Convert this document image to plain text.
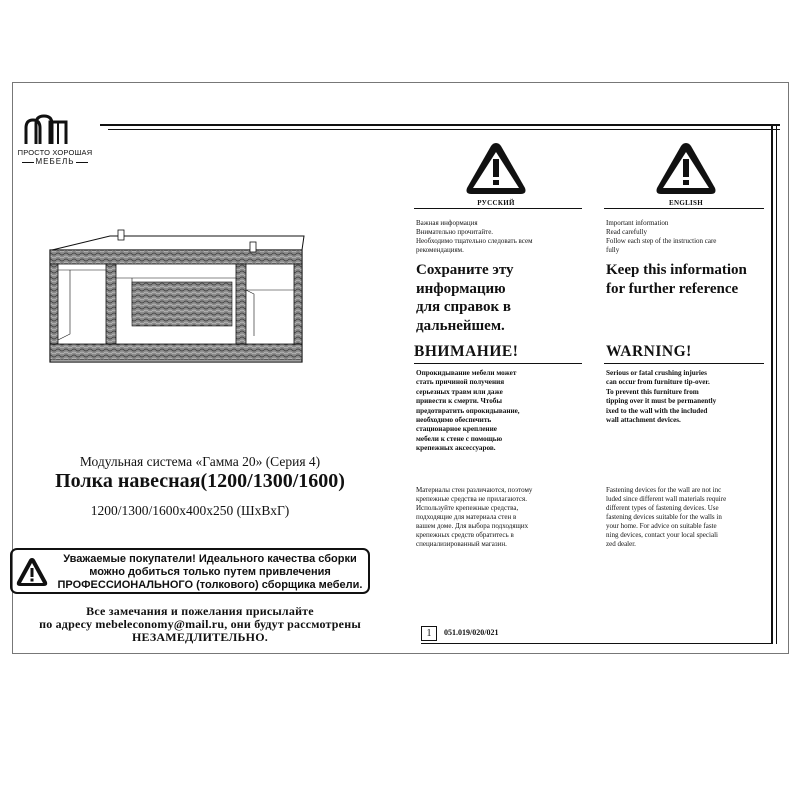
ПРОСТО ХОРОШАЯ
МЕБЕЛЬ
Модульная система «Гамма 20» (Серия 4)
Полка навесная(1200/1300/1600)
1200/1300/1600х400х250 (ШхВхГ)
Уважаемые покупатели! Идеального качества сборки
можно добиться только путем привлечения
ПРОФЕССИОНАЛЬНОГО (толкового) сборщика мебели.
Все замечания и пожелания присылайте
по адресу mebeleconomy@mail.ru, они будут рассмотрены
НЕЗАМЕДЛИТЕЛЬНО.
РУССКИЙ
Важная информация
Внимательно прочитайте.
Необходимо тщательно следовать всем
рекомендациям.
Сохраните эту
информацию
для справок в
дальнейшем.
ВНИМАНИЕ!
Опрокидывание мебели может
стать причиной получения
серьезных травм или даже
привести к смерти. Чтобы
предотвратить опрокидывание,
необходимо обеспечить
стационарное крепление
мебели к стене с помощью
крепежных аксессуаров.
Материалы стен различаются, поэтому
крепежные средства не прилагаются.
Используйте крепежные средства,
подходящие для материала стен в
вашем доме. Для выбора подходящих
крепежных средств обратитесь в
специализированный магазин.
ENGLISH
Important information
Read carefully
Follow each step of the instruction care
fully
Keep this information
for further reference
WARNING!
Serious or fatal crushing injuries
can occur from furniture tip-over.
To prevent this furniture from
tipping over it must be permanently
ixed to the wall with the included
wall attachment devices.
Fastening devices for the wall are not inc
luded since different wall materials require
different types of fastening devices. Use
fastening devices suitable for the walls in
your home. For advice on suitable faste
ning devices, contact your local speciali
zed dealer.
1	051.019/020/021
